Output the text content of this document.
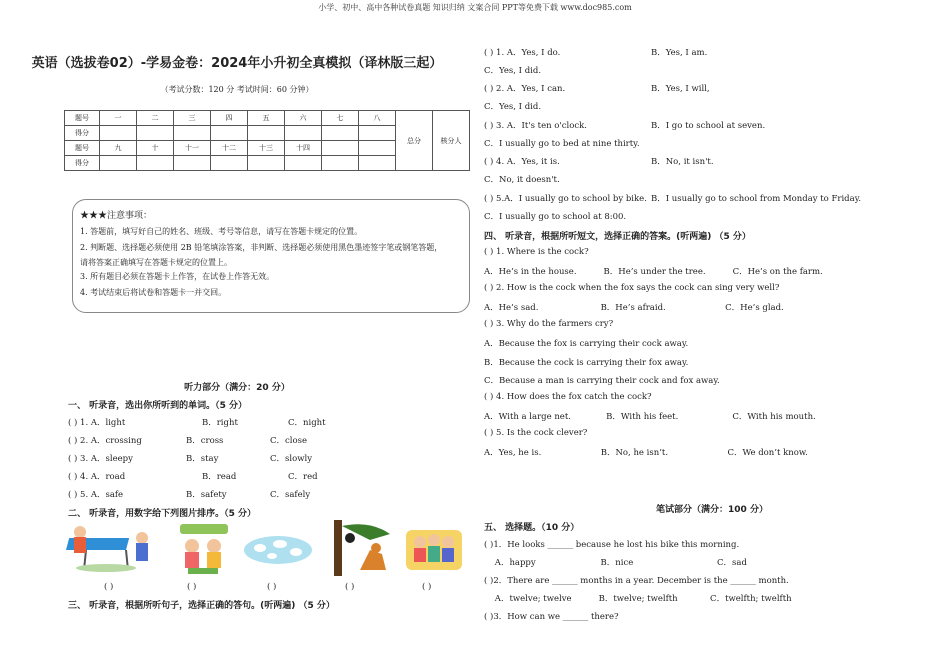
小学、初中、高中各种试卷真题 知识归纳 文案合同 PPT等免费下载 www.doc985.com
英语（选拔卷02）-学易金卷：2024年小升初全真模拟（译林版三起）
（考试分数：120 分 考试时间：60 分钟）
题号	一	二	三	四	五	六	七	八	总分	核分人
得分										
题号	九	十	十一	十二	十三	十四				
得分										
★★★注意事项：
1. 答题前，填写好自己的姓名、班级、考号等信息，请写在答题卡规定的位置。
2. 判断题、选择题必须使用 2B 铅笔填涂答案，非判断、选择题必须使用黑色墨迹签字笔或钢笔答题，
请将答案正确填写在答题卡规定的位置上。
3. 所有题目必须在答题卡上作答，在试卷上作答无效。
4. 考试结束后将试卷和答题卡一并交回。
听力部分（满分：20 分）
一、 听录音，选出你所听到的单词。（5 分）
( ) 1. A．light	B．right	C．night
( ) 2. A．crossing	B．cross	C．close
( ) 3. A．sleepy	B．stay	C．slowly
( ) 4. A．road	B．read	C．red
( ) 5. A．safe	B．safety	C．safely
二、 听录音，用数字给下列图片排序。（5 分）
( )	( )	( )	( )	( )
三、 听录音，根据所听句子，选择正确的答句。(听两遍) （5 分）
( ) 1. A．Yes, I do.	B．Yes, I am.
C．Yes, I did.
( ) 2. A．Yes, I can.	B．Yes, I will,
C．Yes, I did.
( ) 3. A．It's ten o'clock.	B．I go to school at seven.
C．I usually go to bed at nine thirty.
( ) 4. A．Yes, it is.	B．No, it isn't.
C．No, it doesn't.
( ) 5.A．I usually go to school by bike. B．I usually go to school from Monday to Friday.
C．I usually go to school at 8:00.
四、 听录音，根据所听短文，选择正确的答案。(听两遍) （5 分）
( ) 1. Where is the cock?
A．He’s in the house.          B．He’s under the tree.          C．He’s on the farm.
( ) 2. How is the cock when the fox says the cock can sing very well?
A．He’s sad.                       B．He’s afraid.                      C．He’s glad.
( ) 3. Why do the farmers cry?
A．Because the fox is carrying their cock away.
B．Because the cock is carrying their fox away.
C．Because a man is carrying their cock and fox away.
( ) 4. How does the fox catch the cock?
A．With a large net.             B．With his feet.                    C．With his mouth.
( ) 5. Is the cock clever?
A．Yes, he is.                      B．No, he isn’t.                      C．We don’t know.
笔试部分（满分：100 分）
五、 选择题。（10 分）
( )1．He looks ______ because he lost his bike this morning.
A．happy                        B．nice                               C．sad
( )2．There are ______ months in a year. December is the ______ month.
A．twelve; twelve          B．twelve; twelfth            C．twelfth; twelfth
( )3．How can we ______ there?
